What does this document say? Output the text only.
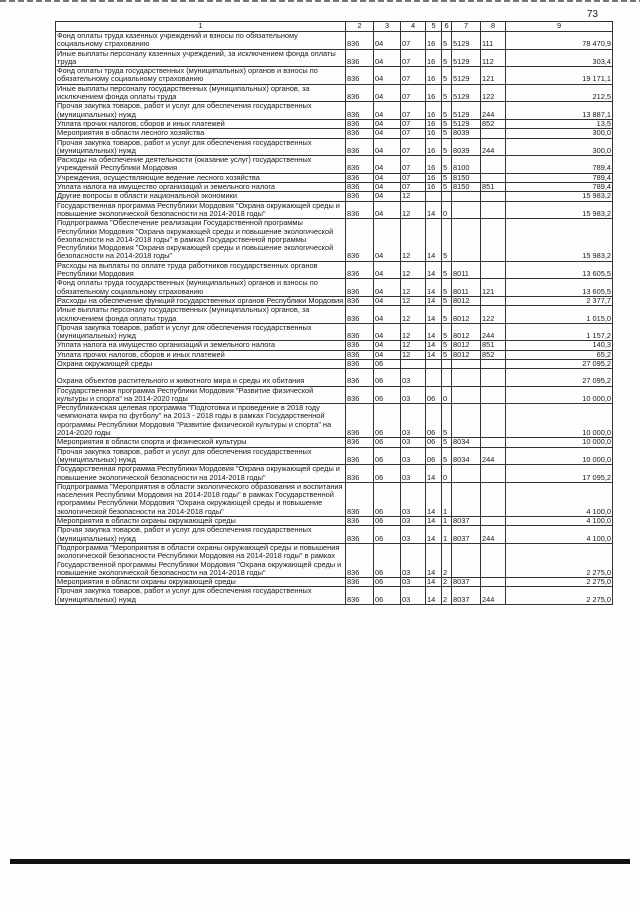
73
1	2	3	4	5	6	7	8	9
Фонд оплаты труда казенных учреждений и взносы по обязательному социальному страхованию	836	04	07	16	5	5129	111	78 470,9
Иные выплаты персоналу казенных учреждений, за исключением фонда оплаты труда	836	04	07	16	5	5129	112	303,4
Фонд оплаты труда государственных (муниципальных) органов и взносы по обязательному социальному страхованию	836	04	07	16	5	5129	121	19 171,1
Иные выплаты персоналу государственных (муниципальных) органов, за исключением фонда оплаты труда	836	04	07	16	5	5129	122	212,5
Прочая закупка товаров, работ и услуг для обеспечения государственных (муниципальных) нужд	836	04	07	16	5	5129	244	13 887,1
Уплата прочих налогов, сборов и иных платежей	836	04	07	16	5	5129	852	13,5
Мероприятия в области лесного хозяйства	836	04	07	16	5	8039		300,0
Прочая закупка товаров, работ и услуг для обеспечения государственных (муниципальных) нужд	836	04	07	16	5	8039	244	300,0
Расходы на обеспечение деятельности (оказание услуг) государственных учреждений Республики Мордовия	836	04	07	16	5	8100		789,4
Учреждения, осуществляющие ведение лесного хозяйства	836	04	07	16	5	8150		789,4
Уплата налога на имущество организаций и земельного налога	836	04	07	16	5	8150	851	789,4
Другие вопросы в области национальной экономики	836	04	12					15 983,2
Государственная программа Республики Мордовия "Охрана окружающей среды и повышение экологической безопасности на 2014-2018 годы"	836	04	12	14	0			15 983,2
Подпрограмма "Обеспечение реализации Государственной программы Республики Мордовия "Охрана окружающей среды и повышение экологической безопасности на 2014-2018 годы" в рамках Государственной программы Республики Мордовия "Охрана окружающей среды и повышение экологической безопасности на 2014-2018 годы"	836	04	12	14	5			15 983,2
Расходы на выплаты по оплате труда работников государственных органов Республики Мордовия	836	04	12	14	5	8011		13 605,5
Фонд оплаты труда государственных (муниципальных) органов и взносы по обязательному социальному страхованию	836	04	12	14	5	8011	121	13 605,5
Расходы на обеспечение функций государственных органов Республики Мордовия	836	04	12	14	5	8012		2 377,7
Иные выплаты персоналу государственных (муниципальных) органов, за исключением фонда оплаты труда	836	04	12	14	5	8012	122	1 015,0
Прочая закупка товаров, работ и услуг для обеспечения государственных (муниципальных) нужд	836	04	12	14	5	8012	244	1 157,2
Уплата налога на имущество организаций и земельного налога	836	04	12	14	5	8012	851	140,3
Уплата прочих налогов, сборов и иных платежей	836	04	12	14	5	8012	852	65,2
Охрана окружающей среды	836	06						27 095,2
Охрана объектов растительного и животного мира и среды их обитания	836	06	03					27 095,2
Государственная программа Республики Мордовия "Развитие физической культуры и спорта" на 2014-2020 годы	836	06	03	06	0			10 000,0
Республиканская целевая программа "Подготовка и проведение в 2018 году чемпионата мира по футболу" на 2013 - 2018 годы в рамках Государственной программы Республики Мордовия "Развитие физической культуры и спорта" на 2014-2020 годы	836	06	03	06	5			10 000,0
Мероприятия в области спорта и физической культуры	836	06	03	06	5	8034		10 000,0
Прочая закупка товаров, работ и услуг для обеспечения государственных (муниципальных) нужд	836	06	03	06	5	8034	244	10 000,0
Государственная программа Республики Мордовия "Охрана окружающей среды и повышение экологической безопасности на 2014-2018 годы"	836	06	03	14	0			17 095,2
Подпрограмма "Мероприятия в области экологического образования и воспитания населения Республики Мордовия на 2014-2018 годы" в рамках Государственной программы Республики Мордовия "Охрана окружающей среды и повышение экологической безопасности на 2014-2018 годы"	836	06	03	14	1			4 100,0
Мероприятия в области охраны окружающей среды	836	06	03	14	1	8037		4 100,0
Прочая закупка товаров, работ и услуг для обеспечения государственных (муниципальных) нужд	836	06	03	14	1	8037	244	4 100,0
Подпрограмма "Мероприятия в области охраны окружающей среды и повышения экологической безопасности Республики Мордовия на 2014-2018 годы" в рамках Государственной программы Республики Мордовия "Охрана окружающей среды и повышение экологической безопасности на 2014-2018 годы"	836	06	03	14	2			2 275,0
Мероприятия в области охраны окружающей среды	836	06	03	14	2	8037		2 275,0
Прочая закупка товаров, работ и услуг для обеспечения государственных (муниципальных) нужд	836	06	03	14	2	8037	244	2 275,0
